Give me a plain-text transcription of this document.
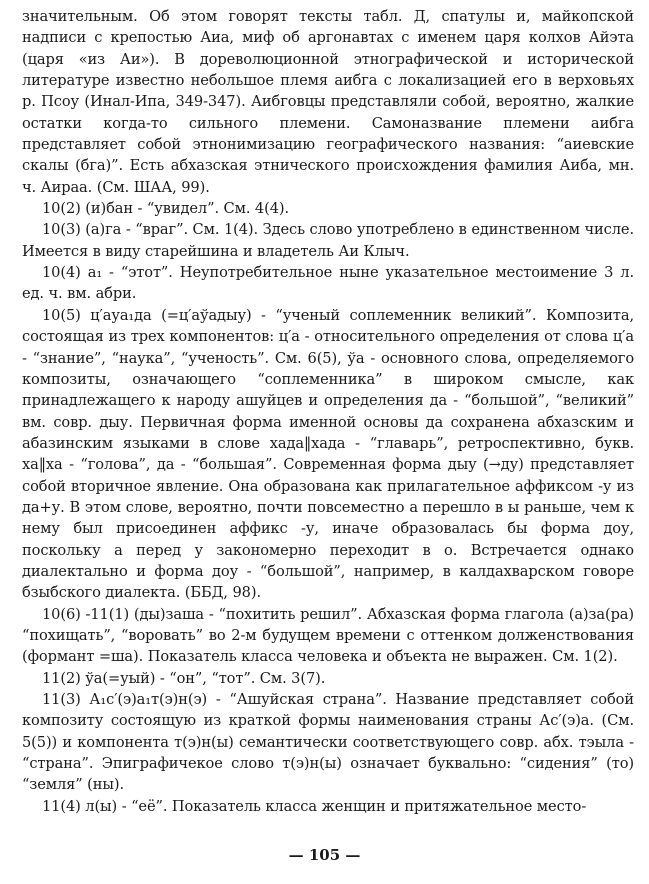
значительным. Об этом говорят тексты табл. Д, спатулы и, майкопской надписи с крепостью Аиа, миф об аргонавтах с именем царя колхов Айэта (царя «из Аи»). В дореволюционной этнографической и исторической литературе известно небольшое племя аибга с локализацией его в верховьях р. Псоу (Инал-Ипа, 349-347). Аибговцы представляли собой, вероятно, жалкие остатки когда-то сильного племени. Самоназвание племени аибга представляет собой этнонимизацию географического названия: “аиевские скалы (бга)”. Есть абхазская этнического происхождения фамилия Аиба, мн. ч. Аираа. (См. ШАА, 99).

10(2) (и)бан - “увидел”. См. 4(4).

10(3) (а)га - “враг”. См. 1(4). Здесь слово употреблено в единственном числе. Имеется в виду старейшина и владетель Аи Клыч.

10(4) а₁ - “этот”. Неупотребительное ныне указательное местоимение 3 л. ед. ч. вм. абри.

10(5) ц′ауа₁да (=ц′аўадыу) - “ученый соплеменник великий”. Композита, состоящая из трех компонентов: ц′а - относительного определения от слова ц′а - “знание”, “наука”, “ученость”. См. 6(5), ўа - основного слова, определяемого композиты, означающего “соплеменника” в широком смысле, как принадлежащего к народу ашуйцев и определения да - “большой”, “великий” вм. совр. дыу. Первичная форма именной основы да сохранена абхазским и абазинским языками в слове хада‖хада - “главарь”, ретроспективно, букв. ха‖ха - “голова”, да - “большая”. Современная форма дыу (→ду) представляет собой вторичное явление. Она образована как прилагательное аффиксом -у из да+у. В этом слове, вероятно, почти повсеместно а перешло в ы раньше, чем к нему был присоединен аффикс -у, иначе образовалась бы форма доу, поскольку а перед у закономерно переходит в о. Встречается однако диалектально и форма доу - “большой”, например, в калдахварском говоре бзыбского диалекта. (ББД, 98).

10(6) -11(1) (ды)заша - “похитить решил”. Абхазская форма глагола (а)за(ра) “похищать”, “воровать” во 2-м будущем времени с оттенком долженствования (формант =ша). Показатель класса человека и объекта не выражен. См. 1(2).

11(2) ўа(=уый) - “он”, “тот”. См. 3(7).

11(3) А₁с′(э)а₁т(э)н(э) - “Ашуйская страна”. Название представляет собой композиту состоящую из краткой формы наименования страны Ас′(э)а. (См. 5(5)) и компонента т(э)н(ы) семантически соответствующего совр. абх. тэыла - “страна”. Эпиграфичекое слово т(э)н(ы) означает буквально: “сидения” (то) “земля” (ны).

11(4) л(ы) - “её”. Показатель класса женщин и притяжательное место-

— 105 —
